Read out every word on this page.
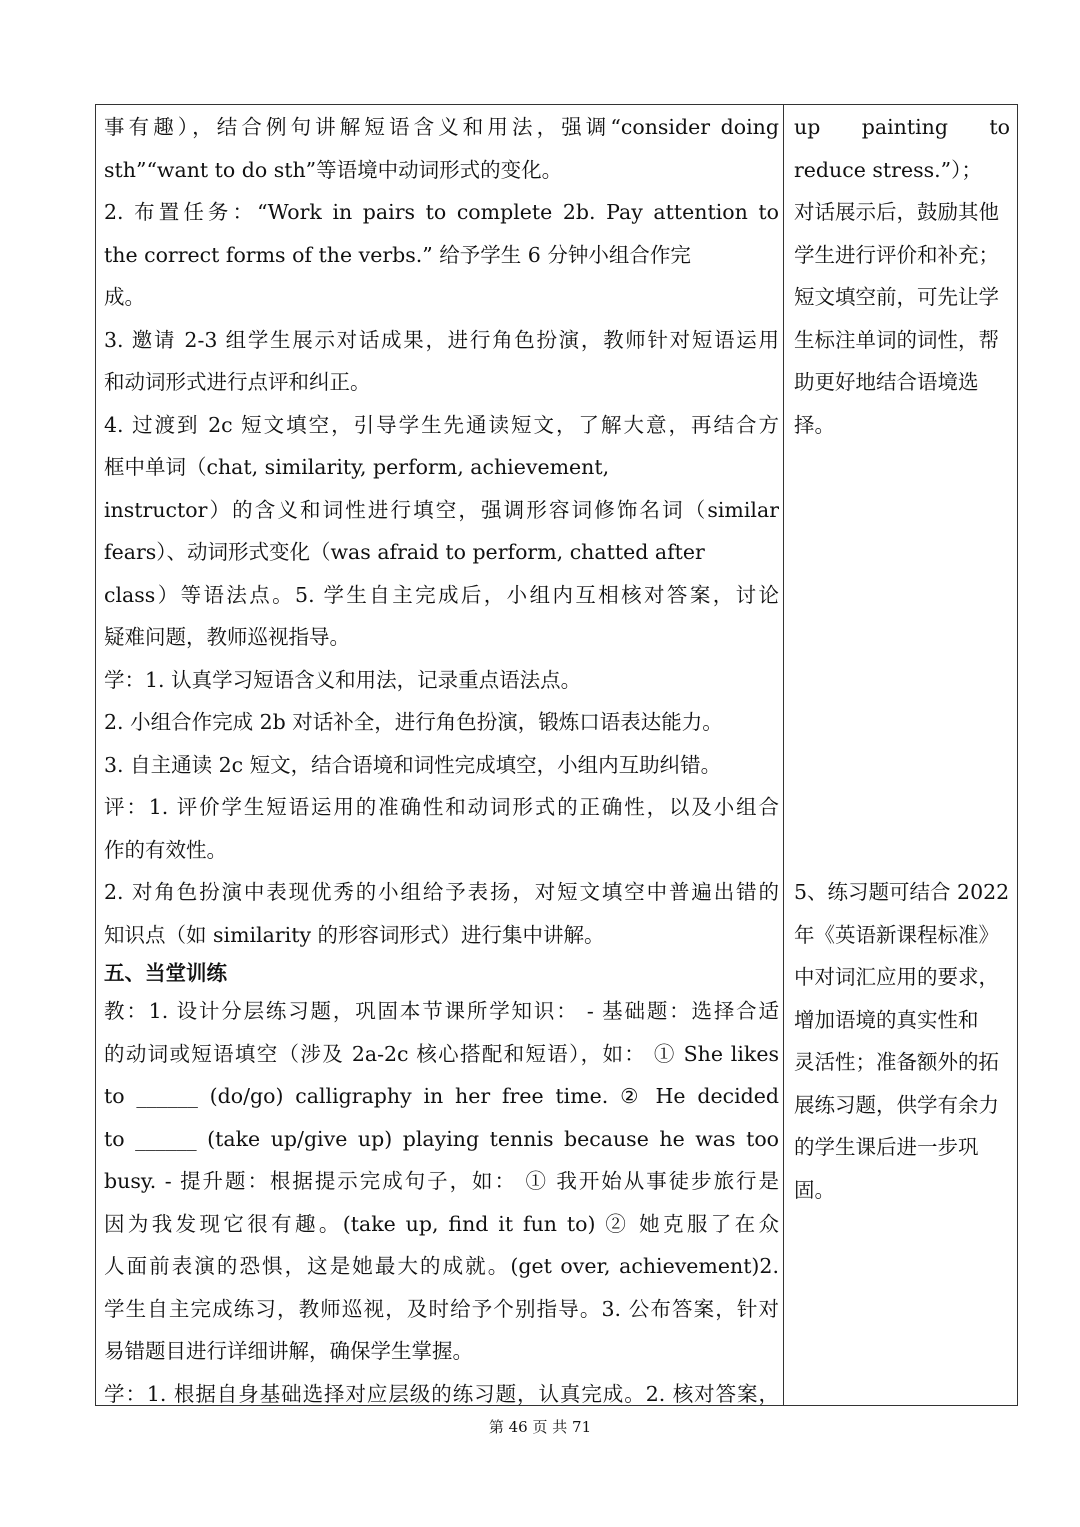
事有趣），结合例句讲解短语含义和用法，强调“consider doing
sth”“want to do sth”等语境中动词形式的变化。
2. 布置任务：“Work in pairs to complete 2b. Pay attention to
the correct forms of the verbs.” 给予学生 6 分钟小组合作完
成。
3. 邀请 2-3 组学生展示对话成果，进行角色扮演，教师针对短语运用
和动词形式进行点评和纠正。
4. 过渡到 2c 短文填空，引导学生先通读短文，了解大意，再结合方
框中单词（chat, similarity, perform, achievement,
instructor）的含义和词性进行填空，强调形容词修饰名词（similar
fears）、动词形式变化（was afraid to perform, chatted after
class）等语法点。5. 学生自主完成后，小组内互相核对答案，讨论
疑难问题，教师巡视指导。
学：1. 认真学习短语含义和用法，记录重点语法点。
2. 小组合作完成 2b 对话补全，进行角色扮演，锻炼口语表达能力。
3. 自主通读 2c 短文，结合语境和词性完成填空，小组内互助纠错。
评：1. 评价学生短语运用的准确性和动词形式的正确性，以及小组合
作的有效性。
2. 对角色扮演中表现优秀的小组给予表扬，对短文填空中普遍出错的
知识点（如 similarity 的形容词形式）进行集中讲解。
五、当堂训练
教：1. 设计分层练习题，巩固本节课所学知识： - 基础题：选择合适
的动词或短语填空（涉及 2a-2c 核心搭配和短语），如： ① She likes
to ______ (do/go) calligraphy in her free time. ② He decided
to ______ (take up/give up) playing tennis because he was too
busy. - 提升题：根据提示完成句子，如： ① 我开始从事徒步旅行是
因为我发现它很有趣。(take up, find it fun to) ② 她克服了在众
人面前表演的恐惧，这是她最大的成就。(get over, achievement)2.
学生自主完成练习，教师巡视，及时给予个别指导。3. 公布答案，针对
易错题目进行详细讲解，确保学生掌握。
学：1. 根据自身基础选择对应层级的练习题，认真完成。2. 核对答案，
up painting to
reduce stress.”）；
对话展示后，鼓励其他
学生进行评价和补充；
短文填空前，可先让学
生标注单词的词性，帮
助更好地结合语境选
择。
5、练习题可结合 2022
年《英语新课程标准》
中对词汇应用的要求，
增加语境的真实性和
灵活性；准备额外的拓
展练习题，供学有余力
的学生课后进一步巩
固。
第 46 页 共 71
